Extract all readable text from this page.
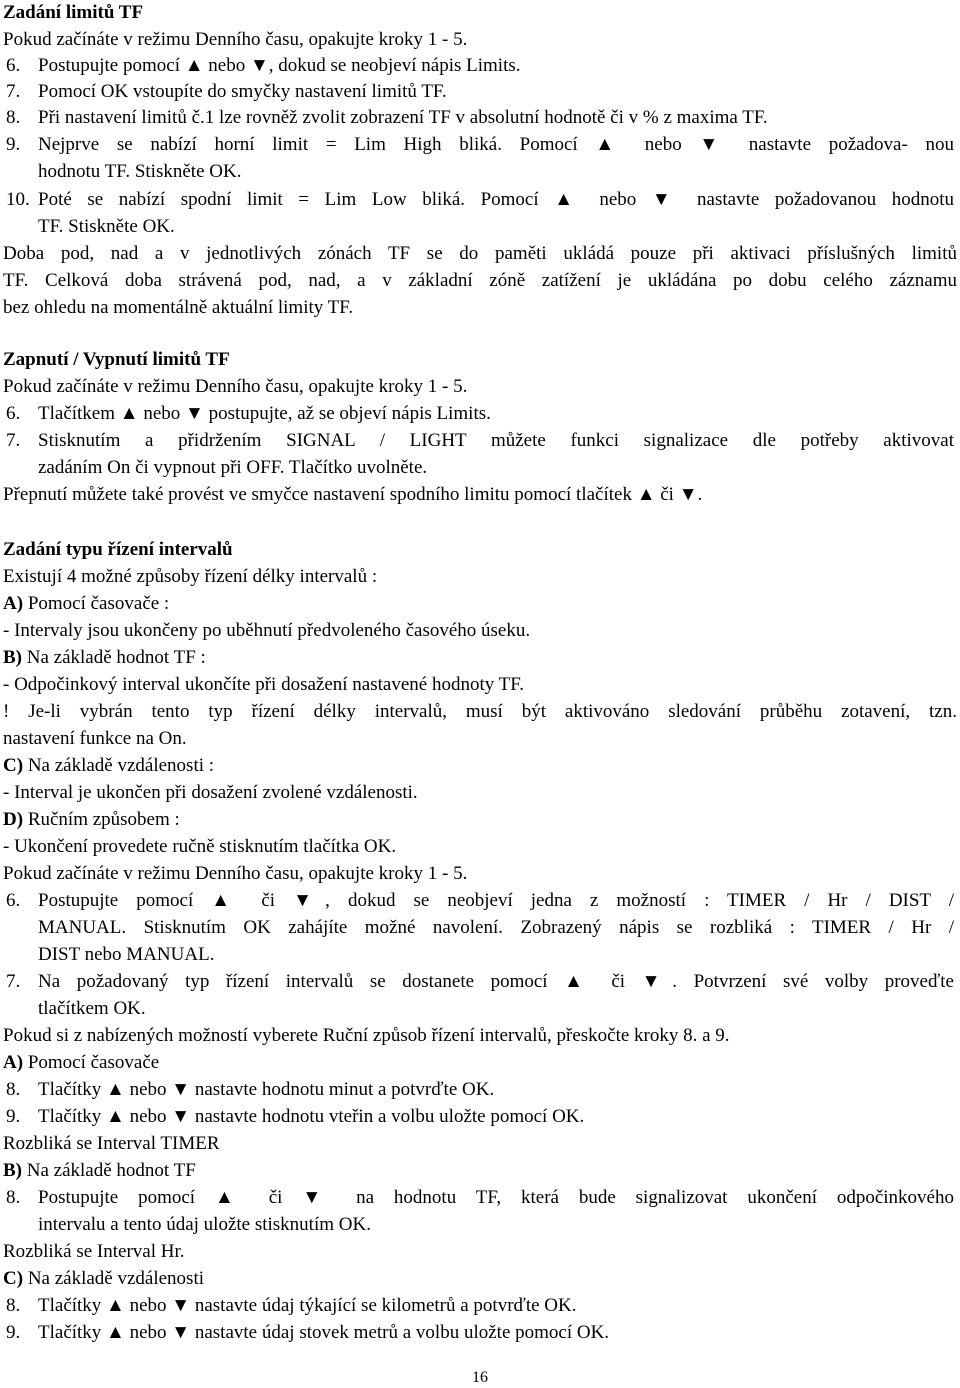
Zadání limitů TF
Pokud začínáte v režimu Denního času, opakujte kroky 1 - 5.
6. Postupujte pomocí ▲ nebo ▼, dokud se neobjeví nápis Limits.
7. Pomocí OK vstoupíte do smyčky nastavení limitů TF.
8. Při nastavení limitů č.1 lze rovněž zvolit zobrazení TF v absolutní hodnotě či v % z maxima TF.
9. Nejprve se nabízí horní limit = Lim High bliká. Pomocí ▲ nebo ▼ nastavte požadova- nou
hodnotu TF. Stiskněte OK.
10. Poté se nabízí spodní limit = Lim Low bliká. Pomocí ▲ nebo ▼ nastavte požadovanou hodnotu
TF. Stiskněte OK.
Doba pod, nad a v jednotlivých zónách TF se do paměti ukládá pouze při aktivaci příslušných limitů
TF. Celková doba strávená pod, nad, a v základní zóně zatížení je ukládána po dobu celého záznamu
bez ohledu na momentálně aktuální limity TF.
Zapnutí / Vypnutí limitů TF
Pokud začínáte v režimu Denního času, opakujte kroky 1 - 5.
6. Tlačítkem ▲ nebo ▼ postupujte, až se objeví nápis Limits.
7. Stisknutím a přidržením SIGNAL / LIGHT můžete funkci signalizace dle potřeby aktivovat
zadáním On či vypnout při OFF. Tlačítko uvolněte.
Přepnutí můžete také provést ve smyčce nastavení spodního limitu pomocí tlačítek ▲ či ▼.
Zadání typu řízení intervalů
Existují 4 možné způsoby řízení délky intervalů :
A) Pomocí časovače :
- Intervaly jsou ukončeny po uběhnutí předvoleného časového úseku.
B) Na základě hodnot TF :
- Odpočinkový interval ukončíte při dosažení nastavené hodnoty TF.
! Je-li vybrán tento typ řízení délky intervalů, musí být aktivováno sledování průběhu zotavení, tzn.
nastavení funkce na On.
C) Na základě vzdálenosti :
- Interval je ukončen při dosažení zvolené vzdálenosti.
D) Ručním způsobem :
- Ukončení provedete ručně stisknutím tlačítka OK.
Pokud začínáte v režimu Denního času, opakujte kroky 1 - 5.
6. Postupujte pomocí ▲ či ▼, dokud se neobjeví jedna z možností : TIMER / Hr / DIST /
MANUAL. Stisknutím OK zahájíte možné navolení. Zobrazený nápis se rozbliká : TIMER / Hr /
DIST nebo MANUAL.
7. Na požadovaný typ řízení intervalů se dostanete pomocí ▲ či ▼. Potvrzení své volby proveďte
tlačítkem OK.
Pokud si z nabízených možností vyberete Ruční způsob řízení intervalů, přeskočte kroky 8. a 9.
A) Pomocí časovače
8. Tlačítky ▲ nebo ▼ nastavte hodnotu minut a potvrďte OK.
9. Tlačítky ▲ nebo ▼ nastavte hodnotu vteřin a volbu uložte pomocí OK.
Rozbliká se Interval TIMER
B) Na základě hodnot TF
8. Postupujte pomocí ▲ či ▼ na hodnotu TF, která bude signalizovat ukončení odpočinkového
intervalu a tento údaj uložte stisknutím OK.
Rozbliká se Interval Hr.
C) Na základě vzdálenosti
8. Tlačítky ▲ nebo ▼ nastavte údaj týkající se kilometrů a potvrďte OK.
9. Tlačítky ▲ nebo ▼ nastavte údaj stovek metrů a volbu uložte pomocí OK.
16
